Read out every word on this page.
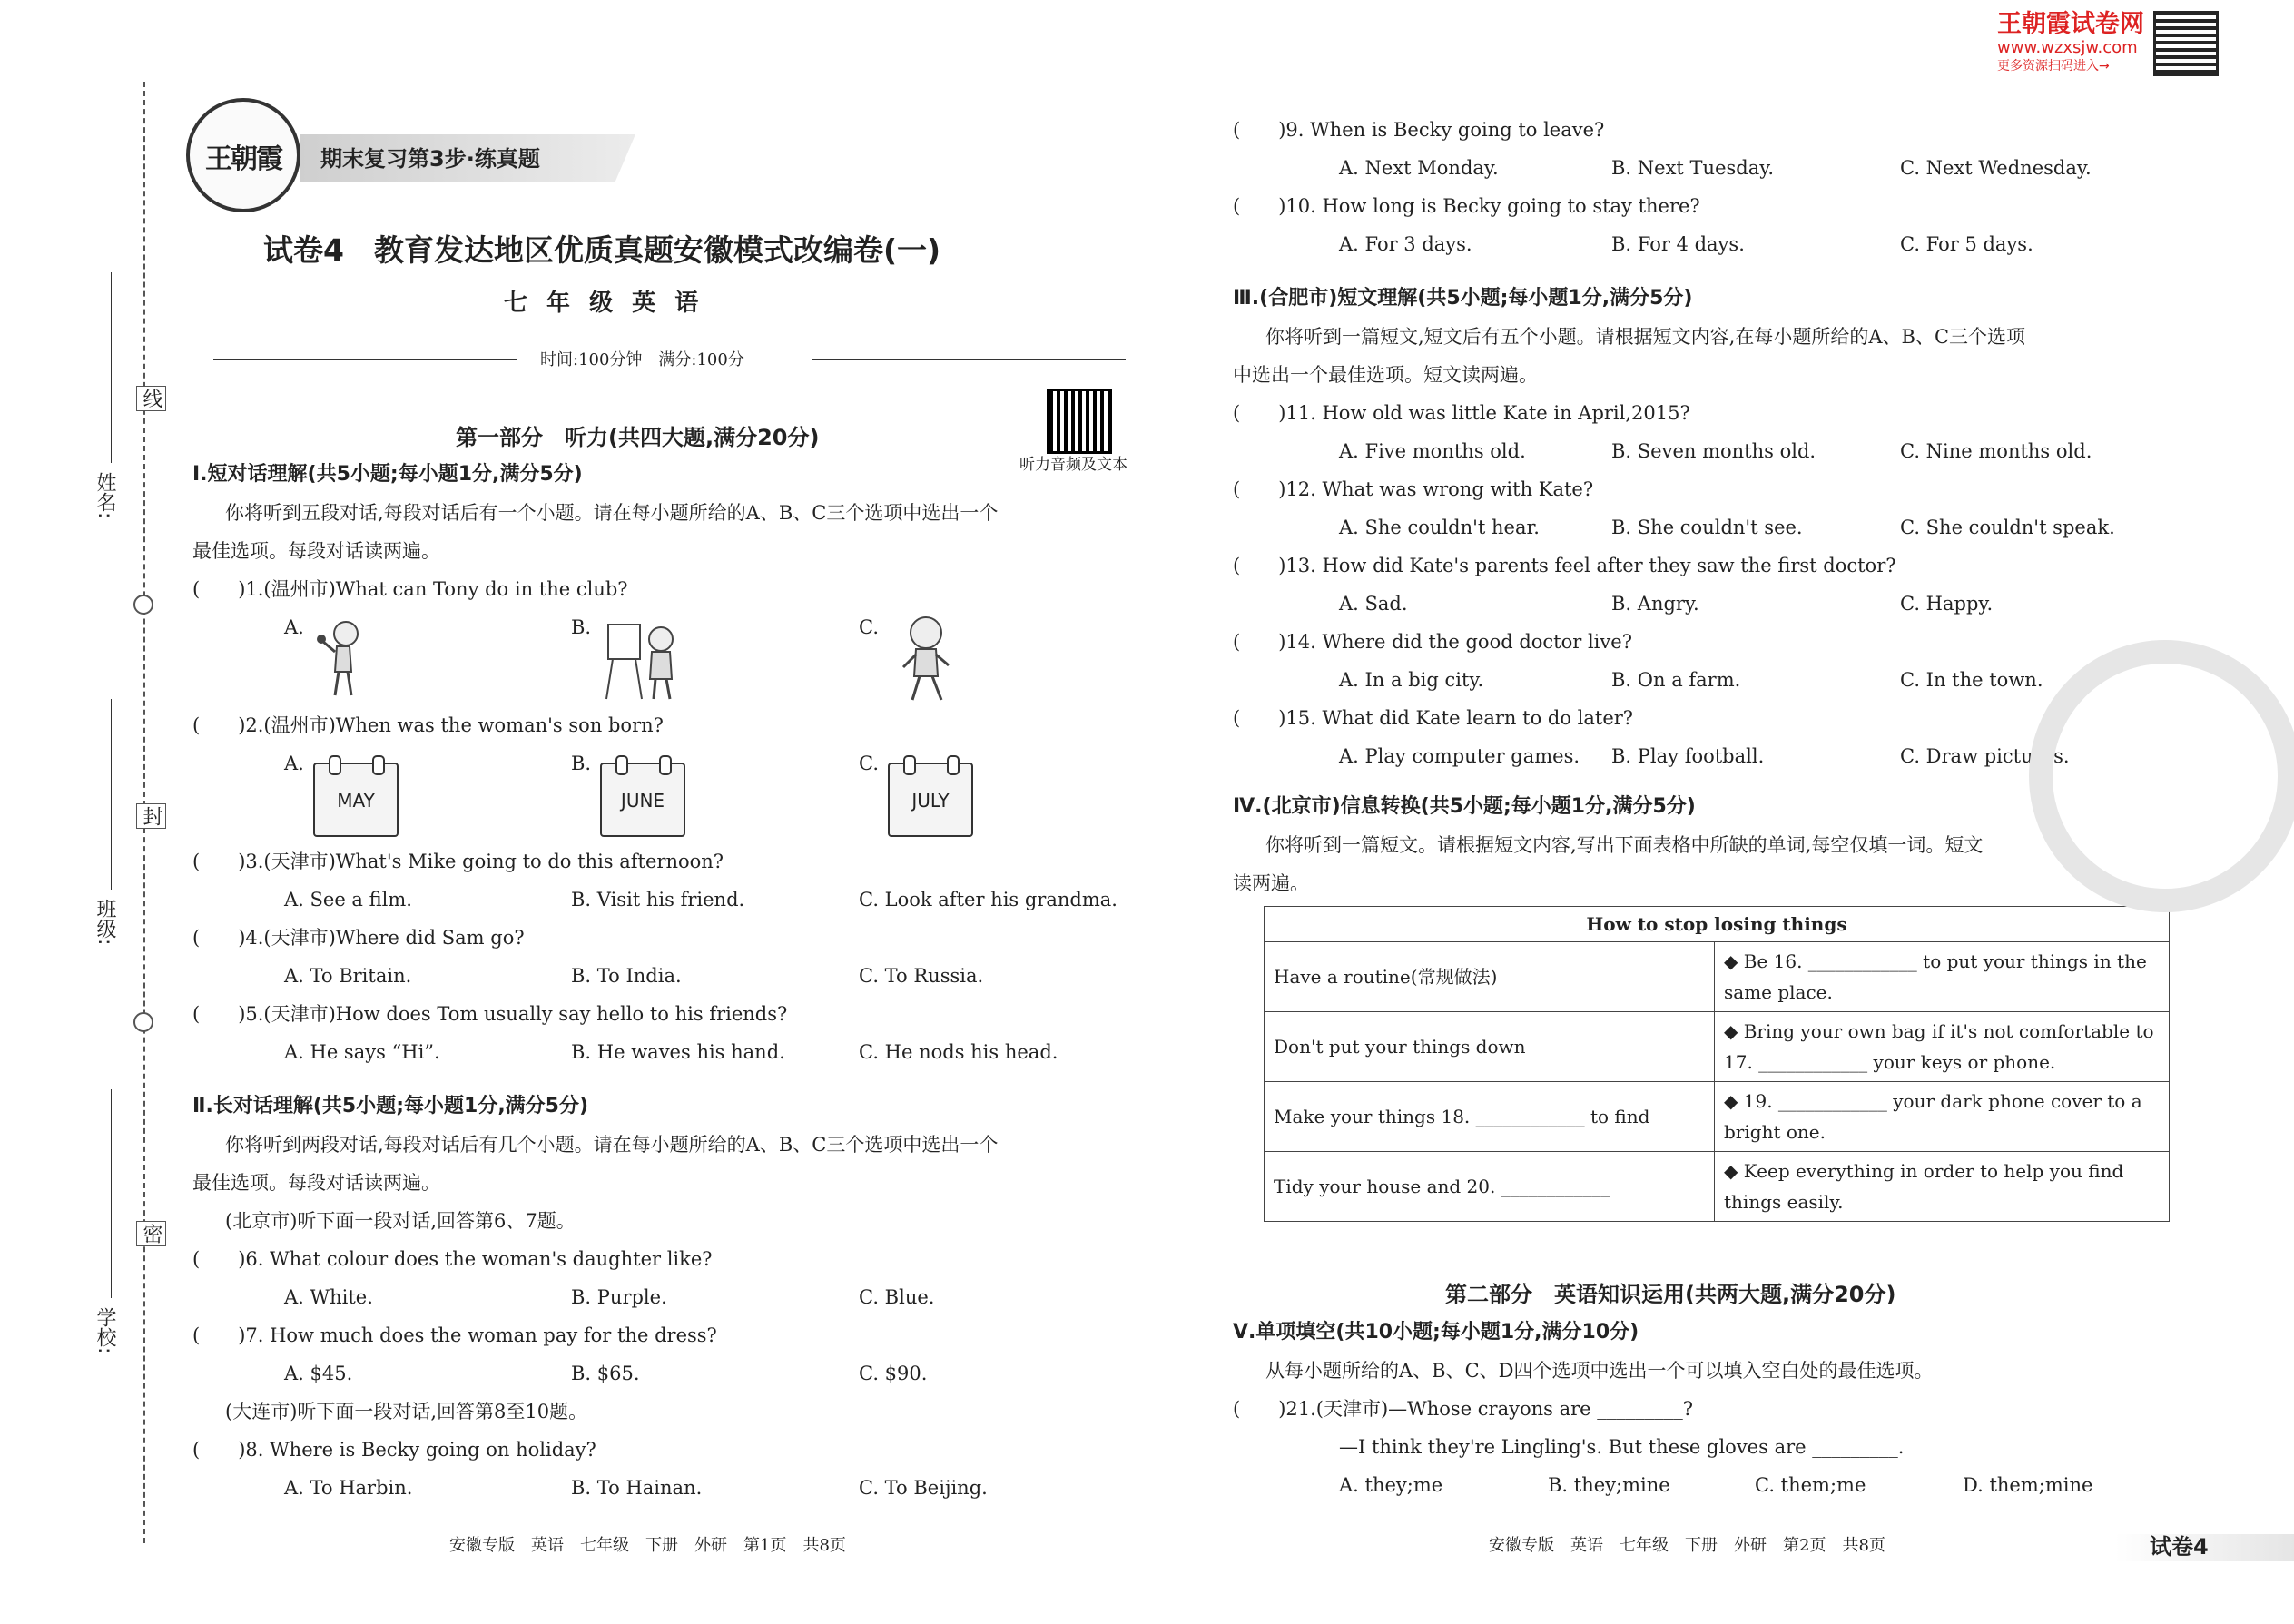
姓名:
班级:
学校:
线
封
密
王朝霞	期末复习第3步·练真题
王朝霞试卷网
www.wzxsjw.com
更多资源扫码进入→
试卷4　教育发达地区优质真题安徽模式改编卷(一)
七 年 级 英 语
时间:100分钟　满分:100分
听力音频及文本
第一部分　听力(共四大题,满分20分)
Ⅰ.短对话理解(共5小题;每小题1分,满分5分)
你将听到五段对话,每段对话后有一个小题。请在每小题所给的A、B、C三个选项中选出一个
最佳选项。每段对话读两遍。
(　　)1.(温州市)What can Tony do in the club?
A.	B.	C.
(　　)2.(温州市)When was the woman's son born?
A.	B.	C.
MAY	JUNE	JULY
(　　)3.(天津市)What's Mike going to do this afternoon?
A. See a film.	B. Visit his friend.	C. Look after his grandma.
(　　)4.(天津市)Where did Sam go?
A. To Britain.	B. To India.	C. To Russia.
(　　)5.(天津市)How does Tom usually say hello to his friends?
A. He says “Hi”.	B. He waves his hand.	C. He nods his head.
Ⅱ.长对话理解(共5小题;每小题1分,满分5分)
你将听到两段对话,每段对话后有几个小题。请在每小题所给的A、B、C三个选项中选出一个
最佳选项。每段对话读两遍。
(北京市)听下面一段对话,回答第6、7题。
(　　)6. What colour does the woman's daughter like?
A. White.	B. Purple.	C. Blue.
(　　)7. How much does the woman pay for the dress?
A. $45.	B. $65.	C. $90.
(大连市)听下面一段对话,回答第8至10题。
(　　)8. Where is Becky going on holiday?
A. To Harbin.	B. To Hainan.	C. To Beijing.
安徽专版　英语　七年级　下册　外研　第1页　共8页
(　　)9. When is Becky going to leave?
A. Next Monday.	B. Next Tuesday.	C. Next Wednesday.
(　　)10. How long is Becky going to stay there?
A. For 3 days.	B. For 4 days.	C. For 5 days.
Ⅲ.(合肥市)短文理解(共5小题;每小题1分,满分5分)
你将听到一篇短文,短文后有五个小题。请根据短文内容,在每小题所给的A、B、C三个选项
中选出一个最佳选项。短文读两遍。
(　　)11. How old was little Kate in April,2015?
A. Five months old.	B. Seven months old.	C. Nine months old.
(　　)12. What was wrong with Kate?
A. She couldn't hear.	B. She couldn't see.	C. She couldn't speak.
(　　)13. How did Kate's parents feel after they saw the first doctor?
A. Sad.	B. Angry.	C. Happy.
(　　)14. Where did the good doctor live?
A. In a big city.	B. On a farm.	C. In the town.
(　　)15. What did Kate learn to do later?
A. Play computer games. B. Play football.	C. Draw pictures.
Ⅳ.(北京市)信息转换(共5小题;每小题1分,满分5分)
你将听到一篇短文。请根据短文内容,写出下面表格中所缺的单词,每空仅填一词。短文
读两遍。
How to stop losing things	
Have a routine(常规做法)	◆ Be 16. ____________ to put your things in the
same place.

Don't put your things down	◆ Bring your own bag if it's not comfortable to
17. ____________ your keys or phone.

Make your things 18. ____________ to find	◆ 19. ____________ your dark phone cover to a
bright one.

Tidy your house and 20. ____________	◆ Keep everything in order to help you find
things easily.
第二部分　英语知识运用(共两大题,满分20分)
Ⅴ.单项填空(共10小题;每小题1分,满分10分)
从每小题所给的A、B、C、D四个选项中选出一个可以填入空白处的最佳选项。
(　　)21.(天津市)—Whose crayons are _________?
—I think they're Lingling's. But these gloves are _________.
A. they;me	B. they;mine	C. them;me	D. them;mine
安徽专版　英语　七年级　下册　外研　第2页　共8页	试卷4
